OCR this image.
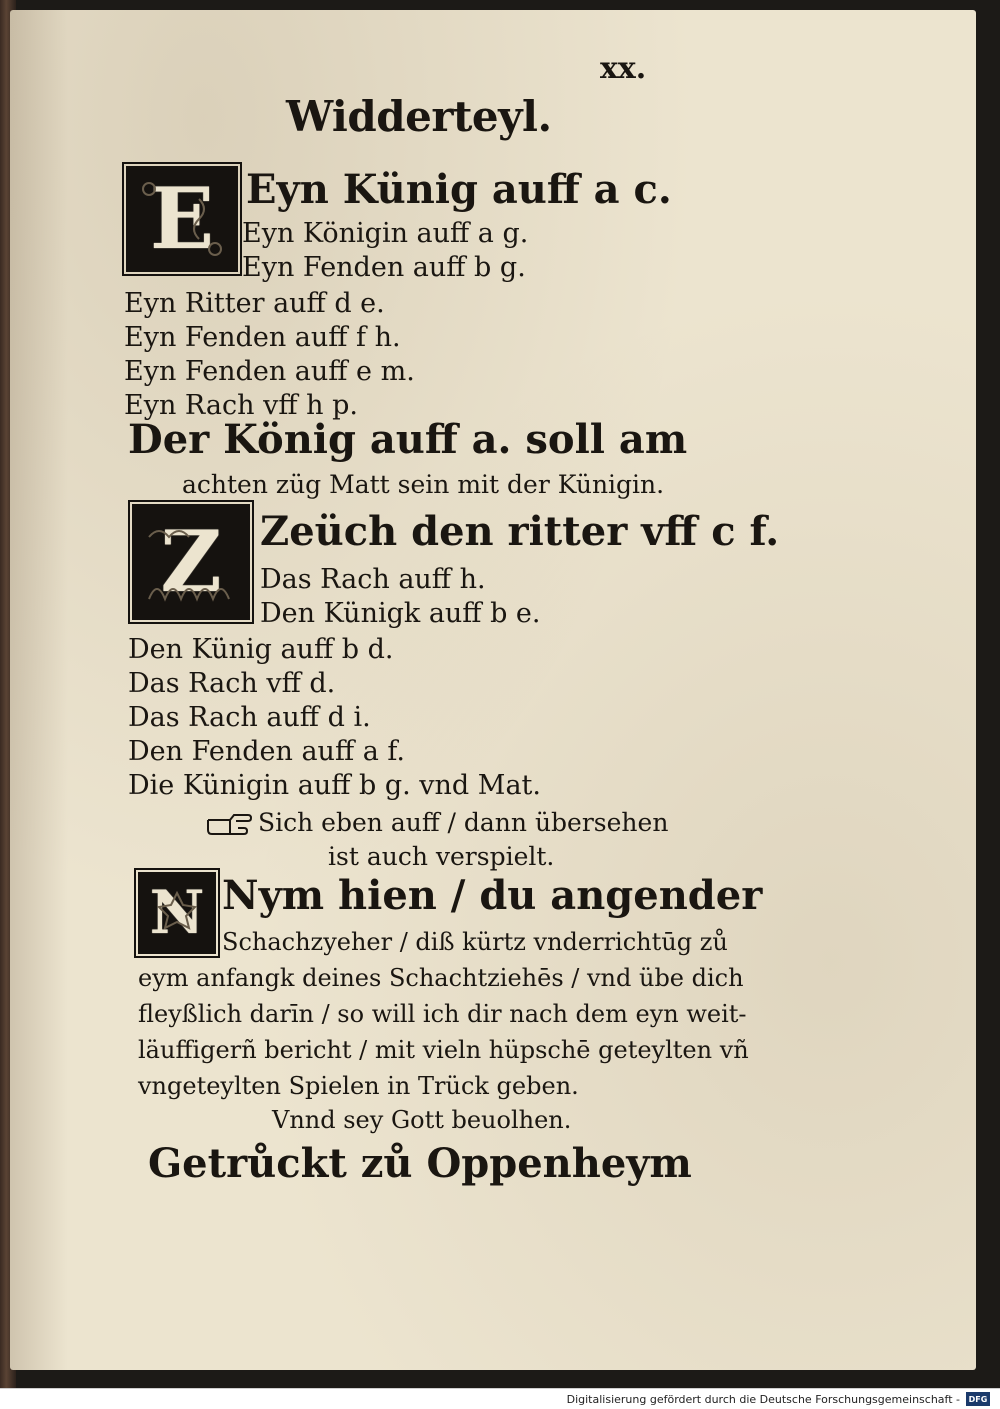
xx.

Widderteyl.

E Eyn Künig auff a c.

Eyn Königin auff a g.

Eyn Fenden auff b g.

Eyn Ritter auff d e.

Eyn Fenden auff f h.

Eyn Fenden auff e m.

Eyn Rach vff h p.

Der König auff a. soll am

achten züg Matt sein mit der Künigin.

Z Zeüch den ritter vff c f.

Das Rach auff h.

Den Künigk auff b e.

Den Künig auff b d.

Das Rach vff d.

Das Rach auff d i.

Den Fenden auff a f.

Die Künigin auff b g. vnd Mat.

Sich eben auff / dann übersehen

ist auch verspielt.

N Nym hien / du angender

Schachzyeher / diß kürtz vnderrichtūg zů

eym anfangk deines Schachtziehēs / vnd übe dich

fleyßlich darīn / so will ich dir nach dem eyn weit-

läuffigerñ bericht / mit vieln hüpschē geteylten vñ

vngeteylten Spielen in Trück geben.

Vnnd sey Gott beuolhen.

Getrůckt zů Oppenheym

Digitalisierung gefördert durch die Deutsche Forschungsgemeinschaft - DFG
